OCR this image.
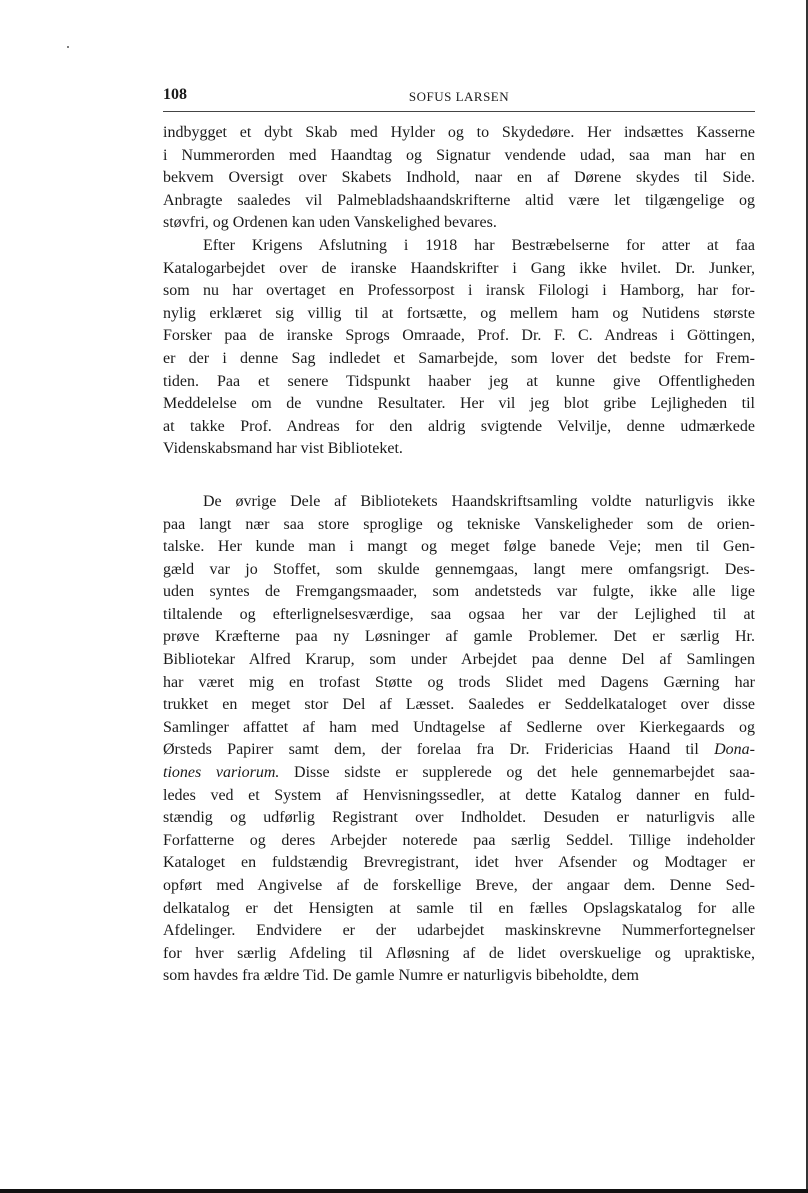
108	SOFUS LARSEN
indbygget et dybt Skab med Hylder og to Skydedøre. Her indsættes Kasserne
i Nummerorden med Haandtag og Signatur vendende udad, saa man har en
bekvem Oversigt over Skabets Indhold, naar en af Dørene skydes til Side.
Anbragte saaledes vil Palmebladshaandskrifterne altid være let tilgængelige og
støvfri, og Ordenen kan uden Vanskelighed bevares.
Efter Krigens Afslutning i 1918 har Bestræbelserne for atter at faa
Katalogarbejdet over de iranske Haandskrifter i Gang ikke hvilet. Dr. Junker,
som nu har overtaget en Professorpost i iransk Filologi i Hamborg, har for-
nylig erklæret sig villig til at fortsætte, og mellem ham og Nutidens største
Forsker paa de iranske Sprogs Omraade, Prof. Dr. F. C. Andreas i Göttingen,
er der i denne Sag indledet et Samarbejde, som lover det bedste for Frem-
tiden. Paa et senere Tidspunkt haaber jeg at kunne give Offentligheden
Meddelelse om de vundne Resultater. Her vil jeg blot gribe Lejligheden til
at takke Prof. Andreas for den aldrig svigtende Velvilje, denne udmærkede
Videnskabsmand har vist Biblioteket.
De øvrige Dele af Bibliotekets Haandskriftsamling voldte naturligvis ikke
paa langt nær saa store sproglige og tekniske Vanskeligheder som de orien-
talske. Her kunde man i mangt og meget følge banede Veje; men til Gen-
gæld var jo Stoffet, som skulde gennemgaas, langt mere omfangsrigt. Des-
uden syntes de Fremgangsmaader, som andetsteds var fulgte, ikke alle lige
tiltalende og efterlignelsesværdige, saa ogsaa her var der Lejlighed til at
prøve Kræfterne paa ny Løsninger af gamle Problemer. Det er særlig Hr.
Bibliotekar Alfred Krarup, som under Arbejdet paa denne Del af Samlingen
har været mig en trofast Støtte og trods Slidet med Dagens Gærning har
trukket en meget stor Del af Læsset. Saaledes er Seddelkataloget over disse
Samlinger affattet af ham med Undtagelse af Sedlerne over Kierkegaards og
Ørsteds Papirer samt dem, der forelaa fra Dr. Fridericias Haand til Dona-
tiones variorum. Disse sidste er supplerede og det hele gennemarbejdet saa-
ledes ved et System af Henvisningssedler, at dette Katalog danner en fuld-
stændig og udførlig Registrant over Indholdet. Desuden er naturligvis alle
Forfatterne og deres Arbejder noterede paa særlig Seddel. Tillige indeholder
Kataloget en fuldstændig Brevregistrant, idet hver Afsender og Modtager er
opført med Angivelse af de forskellige Breve, der angaar dem. Denne Sed-
delkatalog er det Hensigten at samle til en fælles Opslagskatalog for alle
Afdelinger. Endvidere er der udarbejdet maskinskrevne Nummerfortegnelser
for hver særlig Afdeling til Afløsning af de lidet overskuelige og upraktiske,
som havdes fra ældre Tid. De gamle Numre er naturligvis bibeholdte, dem
